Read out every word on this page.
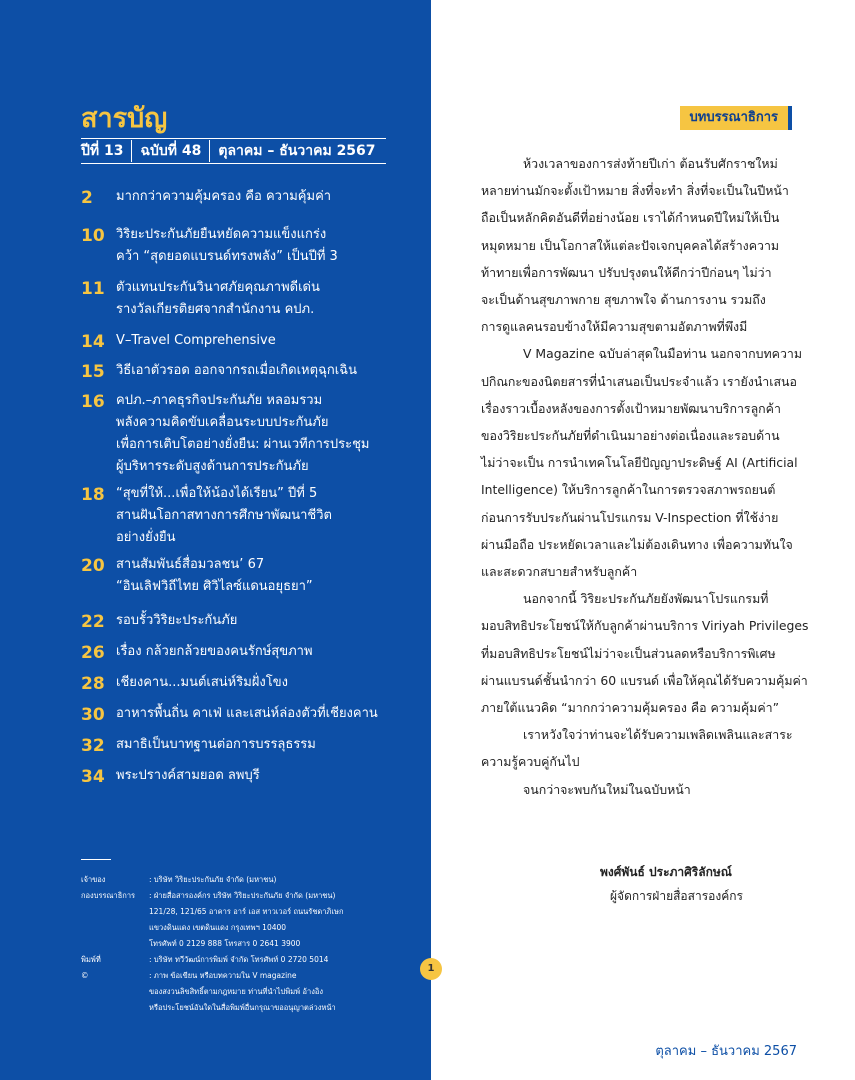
สารบัญ
ปีที่ 13	ฉบับที่ 48	ตุลาคม – ธันวาคม 2567
2	มากกว่าความคุ้มครอง คือ ความคุ้มค่า
10 วิริยะประกันภัยยืนหยัดความแข็งแกร่ง
คว้า “สุดยอดแบรนด์ทรงพลัง” เป็นปีที่ 3
11 ตัวแทนประกันวินาศภัยคุณภาพดีเด่น
รางวัลเกียรติยศจากสำนักงาน คปภ.
14 V–Travel Comprehensive
15 วิธีเอาตัวรอด ออกจากรถเมื่อเกิดเหตุฉุกเฉิน
16 คปภ.–ภาคธุรกิจประกันภัย หลอมรวม
พลังความคิดขับเคลื่อนระบบประกันภัย
เพื่อการเติบโตอย่างยั่งยืน: ผ่านเวทีการประชุม
ผู้บริหารระดับสูงด้านการประกันภัย
18 “สุขที่ให้...เพื่อให้น้องได้เรียน” ปีที่ 5
สานฝันโอกาสทางการศึกษาพัฒนาชีวิต
อย่างยั่งยืน
20 สานสัมพันธ์สื่อมวลชน’ 67
“อินเลิฟวิถีไทย ศิวิไลซ์แดนอยุธยา”
22 รอบรั้ววิริยะประกันภัย
26 เรื่อง กล้วยกล้วยของคนรักษ์สุขภาพ
28 เชียงคาน...มนต์เสน่ห์ริมฝั่งโขง
30 อาหารพื้นถิ่น คาเฟ่ และเสน่ห์ล่องตัวที่เชียงคาน
32 สมาธิเป็นบาทฐานต่อการบรรลุธรรม
34 พระปรางค์สามยอด ลพบุรี
เจ้าของ	: บริษัท วิริยะประกันภัย จำกัด (มหาชน)
กองบรรณาธิการ	: ฝ่ายสื่อสารองค์กร บริษัท วิริยะประกันภัย จำกัด (มหาชน)
121/28, 121/65 อาคาร อาร์ เอส ทาวเวอร์ ถนนรัชดาภิเษก
แขวงดินแดง เขตดินแดง กรุงเทพฯ 10400
โทรศัพท์ 0 2129 888 โทรสาร 0 2641 3900
พิมพ์ที่	: บริษัท ทวีวัฒน์การพิมพ์ จำกัด โทรศัพท์ 0 2720 5014
©	: ภาพ ข้อเขียน หรือบทความใน V magazine
ของสงวนลิขสิทธิ์ตามกฎหมาย ท่านที่นำไปพิมพ์ อ้างอิง
หรือประโยชน์อันใดในสื่อพิมพ์อื่นกรุณาขออนุญาตล่วงหน้า
1
บทบรรณาธิการ
ห้วงเวลาของการส่งท้ายปีเก่า ต้อนรับศักราชใหม่
หลายท่านมักจะตั้งเป้าหมาย สิ่งที่จะทำ สิ่งที่จะเป็นในปีหน้า
ถือเป็นหลักคิดอันดีที่อย่างน้อย เราได้กำหนดปีใหม่ให้เป็น
หมุดหมาย เป็นโอกาสให้แต่ละปัจเจกบุคคลได้สร้างความ
ท้าทายเพื่อการพัฒนา ปรับปรุงตนให้ดีกว่าปีก่อนๆ ไม่ว่า
จะเป็นด้านสุขภาพกาย สุขภาพใจ ด้านการงาน รวมถึง
การดูแลคนรอบข้างให้มีความสุขตามอัตภาพที่พึงมี
V Magazine ฉบับล่าสุดในมือท่าน นอกจากบทความ
ปกิณกะของนิตยสารที่นำเสนอเป็นประจำแล้ว เรายังนำเสนอ
เรื่องราวเบื้องหลังของการตั้งเป้าหมายพัฒนาบริการลูกค้า
ของวิริยะประกันภัยที่ดำเนินมาอย่างต่อเนื่องและรอบด้าน
ไม่ว่าจะเป็น การนำเทคโนโลยีปัญญาประดิษฐ์ AI (Artificial
Intelligence) ให้บริการลูกค้าในการตรวจสภาพรถยนต์
ก่อนการรับประกันผ่านโปรแกรม V-Inspection ที่ใช้ง่าย
ผ่านมือถือ ประหยัดเวลาและไม่ต้องเดินทาง เพื่อความทันใจ
และสะดวกสบายสำหรับลูกค้า
นอกจากนี้ วิริยะประกันภัยยังพัฒนาโปรแกรมที่
มอบสิทธิประโยชน์ให้กับลูกค้าผ่านบริการ Viriyah Privileges
ที่มอบสิทธิประโยชน์ไม่ว่าจะเป็นส่วนลดหรือบริการพิเศษ
ผ่านแบรนด์ชั้นนำกว่า 60 แบรนด์ เพื่อให้คุณได้รับความคุ้มค่า
ภายใต้แนวคิด “มากกว่าความคุ้มครอง คือ ความคุ้มค่า”
เราหวังใจว่าท่านจะได้รับความเพลิดเพลินและสาระ
ความรู้ควบคู่กันไป
จนกว่าจะพบกันใหม่ในฉบับหน้า
พงศ์พันธ์ ประภาศิริลักษณ์
ผู้จัดการฝ่ายสื่อสารองค์กร
ตุลาคม – ธันวาคม 2567
